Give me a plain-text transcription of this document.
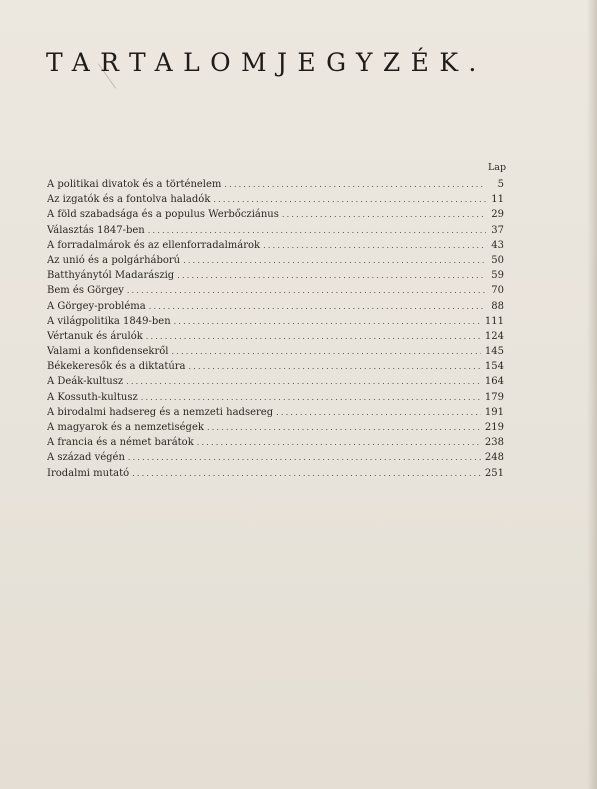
TARTALOMJEGYZÉK.
Lap
A politikai divatok és a történelem .....	5
Az izgatók és a fontolva haladók .....	11
A föld szabadsága és a populus Werbőcziánus .....	29
Választás 1847-ben .....	37
A forradalmárok és az ellenforradalmárok .....	43
Az unió és a polgárháború .....	50
Batthyánytól Madarászig .....	59
Bem és Görgey .....	70
A Görgey-probléma .....	88
A világpolitika 1849-ben .....	111
Vértanuk és árulók .....	124
Valami a konfidensekről .....	145
Békekeresők és a diktatúra .....	154
A Deák-kultusz .....	164
A Kossuth-kultusz .....	179
A birodalmi hadsereg és a nemzeti hadsereg .....	191
A magyarok és a nemzetiségek .....	219
A francia és a német barátok .....	238
A század végén .....	248
Irodalmi mutató .....	251
